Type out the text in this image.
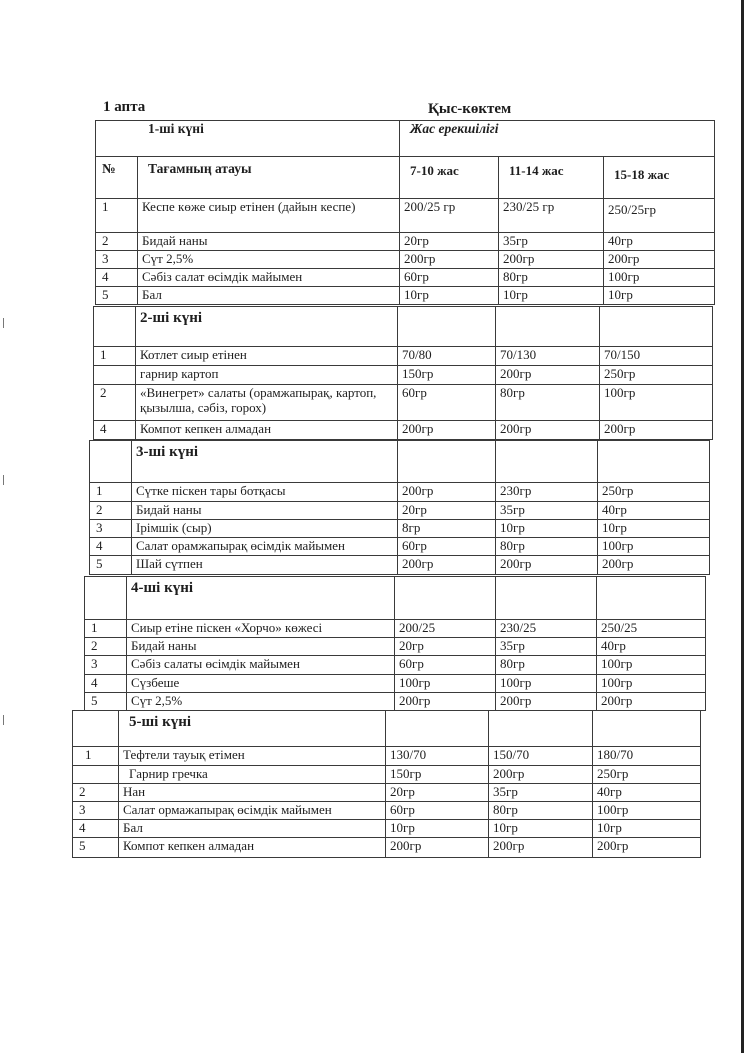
1 апта	Қыс-көктем
1-ші күні	Жас ерекшілігі
№	Тағамның атауы	7-10 жас	11-14 жас	15-18 жас
1	Кеспе көже сиыр етінен (дайын кеспе)	200/25 гр	230/25 гр	250/25гр
2	Бидай наны	20гр	35гр	40гр
3	Сүт 2,5%	200гр	200гр	200гр
4	Сәбіз салат өсімдік майымен	60гр	80гр	100гр
5	Бал	10гр	10гр	10гр
	2-ші күні			
1	Котлет сиыр етінен	70/80	70/130	70/150
	гарнир картоп	150гр	200гр	250гр
2	«Винегрет» салаты (орамжапырақ, картоп, қызылша, сәбіз, горох)	60гр	80гр	100гр
4	Компот кепкен алмадан	200гр	200гр	200гр
	3-ші күні			
1	Сүтке піскен тары ботқасы	200гр	230гр	250гр
2	Бидай наны	20гр	35гр	40гр
3	Ірімшік (сыр)	8гр	10гр	10гр
4	Салат орамжапырақ өсімдік майымен	60гр	80гр	100гр
5	Шай сүтпен	200гр	200гр	200гр
	4-ші күні			
1	Сиыр етіне піскен «Хорчо» көжесі	200/25	230/25	250/25
2	Бидай наны	20гр	35гр	40гр
3	Сәбіз салаты өсімдік майымен	60гр	80гр	100гр
4	Сүзбеше	100гр	100гр	100гр
5	Сүт 2,5%	200гр	200гр	200гр
	5-ші күні			
1	Тефтели тауық етімен	130/70	150/70	180/70
	Гарнир гречка	150гр	200гр	250гр
2	Нан	20гр	35гр	40гр
3	Салат ормажапырақ өсімдік майымен	60гр	80гр	100гр
4	Бал	10гр	10гр	10гр
5	Компот кепкен алмадан	200гр	200гр	200гр
